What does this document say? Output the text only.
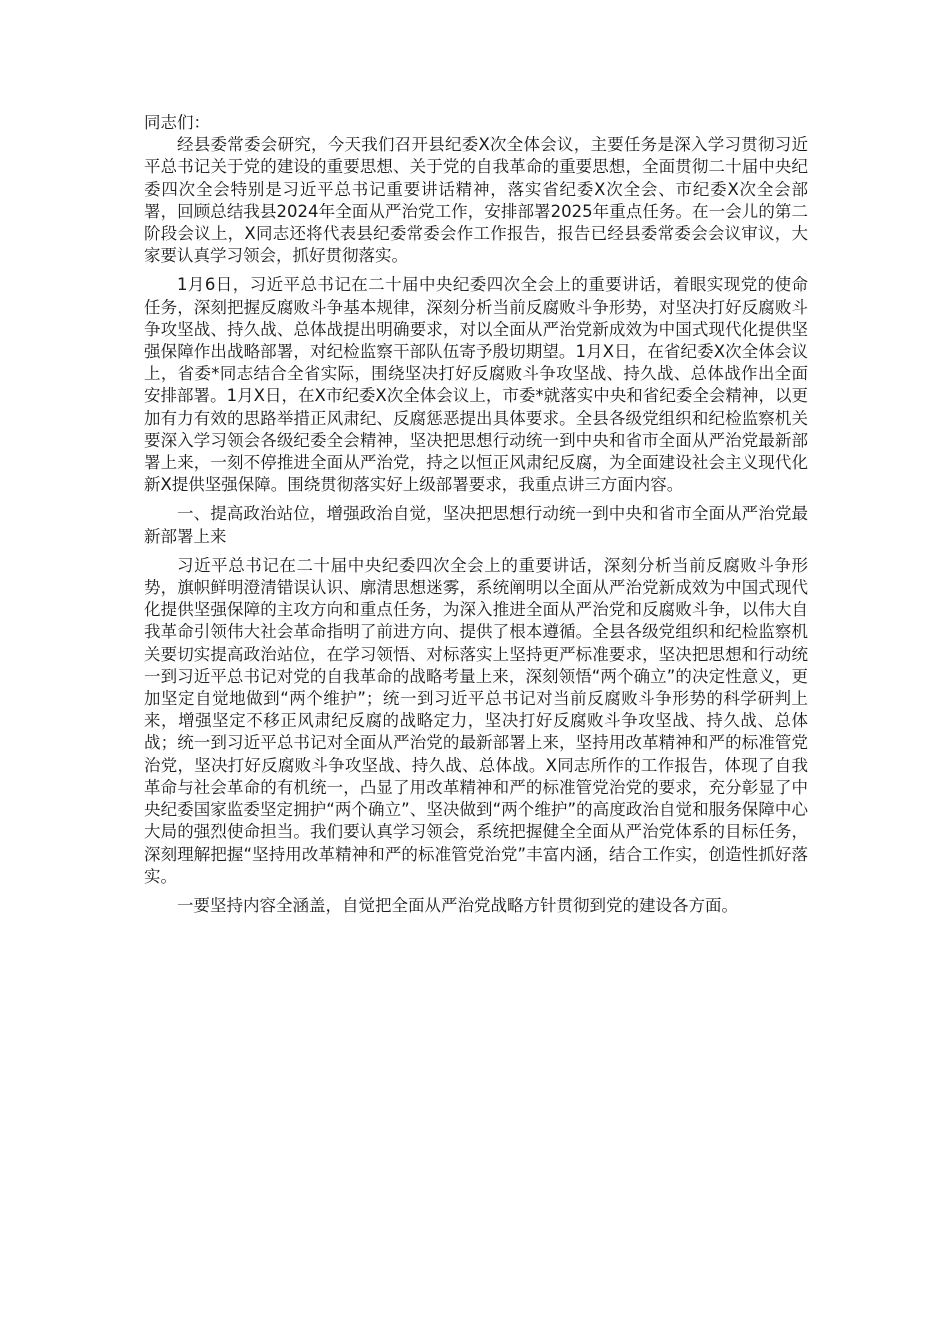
同志们：

经县委常委会研究，今天我们召开县纪委X次全体会议，主要任务是深入学习贯彻习近平总书记关于党的建设的重要思想、关于党的自我革命的重要思想，全面贯彻二十届中央纪委四次全会特别是习近平总书记重要讲话精神，落实省纪委X次全会、市纪委X次全会部署，回顾总结我县2024年全面从严治党工作，安排部署2025年重点任务。在一会儿的第二阶段会议上，X同志还将代表县纪委常委会作工作报告，报告已经县委常委会会议审议，大家要认真学习领会，抓好贯彻落实。

1月6日，习近平总书记在二十届中央纪委四次全会上的重要讲话，着眼实现党的使命任务，深刻把握反腐败斗争基本规律，深刻分析当前反腐败斗争形势，对坚决打好反腐败斗争攻坚战、持久战、总体战提出明确要求，对以全面从严治党新成效为中国式现代化提供坚强保障作出战略部署，对纪检监察干部队伍寄予殷切期望。1月X日，在省纪委X次全体会议上，省委*同志结合全省实际，围绕坚决打好反腐败斗争攻坚战、持久战、总体战作出全面安排部署。1月X日，在X市纪委X次全体会议上，市委*就落实中央和省纪委全会精神，以更加有力有效的思路举措正风肃纪、反腐惩恶提出具体要求。全县各级党组织和纪检监察机关要深入学习领会各级纪委全会精神，坚决把思想行动统一到中央和省市全面从严治党最新部署上来，一刻不停推进全面从严治党，持之以恒正风肃纪反腐，为全面建设社会主义现代化新X提供坚强保障。围绕贯彻落实好上级部署要求，我重点讲三方面内容。

一、提高政治站位，增强政治自觉，坚决把思想行动统一到中央和省市全面从严治党最新部署上来

习近平总书记在二十届中央纪委四次全会上的重要讲话，深刻分析当前反腐败斗争形势，旗帜鲜明澄清错误认识、廓清思想迷雾，系统阐明以全面从严治党新成效为中国式现代化提供坚强保障的主攻方向和重点任务，为深入推进全面从严治党和反腐败斗争，以伟大自我革命引领伟大社会革命指明了前进方向、提供了根本遵循。全县各级党组织和纪检监察机关要切实提高政治站位，在学习领悟、对标落实上坚持更严标准要求，坚决把思想和行动统一到习近平总书记对党的自我革命的战略考量上来，深刻领悟“两个确立”的决定性意义，更加坚定自觉地做到“两个维护”；统一到习近平总书记对当前反腐败斗争形势的科学研判上来，增强坚定不移正风肃纪反腐的战略定力，坚决打好反腐败斗争攻坚战、持久战、总体战；统一到习近平总书记对全面从严治党的最新部署上来，坚持用改革精神和严的标准管党治党，坚决打好反腐败斗争攻坚战、持久战、总体战。X同志所作的工作报告，体现了自我革命与社会革命的有机统一，凸显了用改革精神和严的标准管党治党的要求，充分彰显了中央纪委国家监委坚定拥护“两个确立”、坚决做到“两个维护”的高度政治自觉和服务保障中心大局的强烈使命担当。我们要认真学习领会，系统把握健全全面从严治党体系的目标任务，深刻理解把握“坚持用改革精神和严的标准管党治党”丰富内涵，结合工作实，创造性抓好落实。

一要坚持内容全涵盖，自觉把全面从严治党战略方针贯彻到党的建设各方面。
